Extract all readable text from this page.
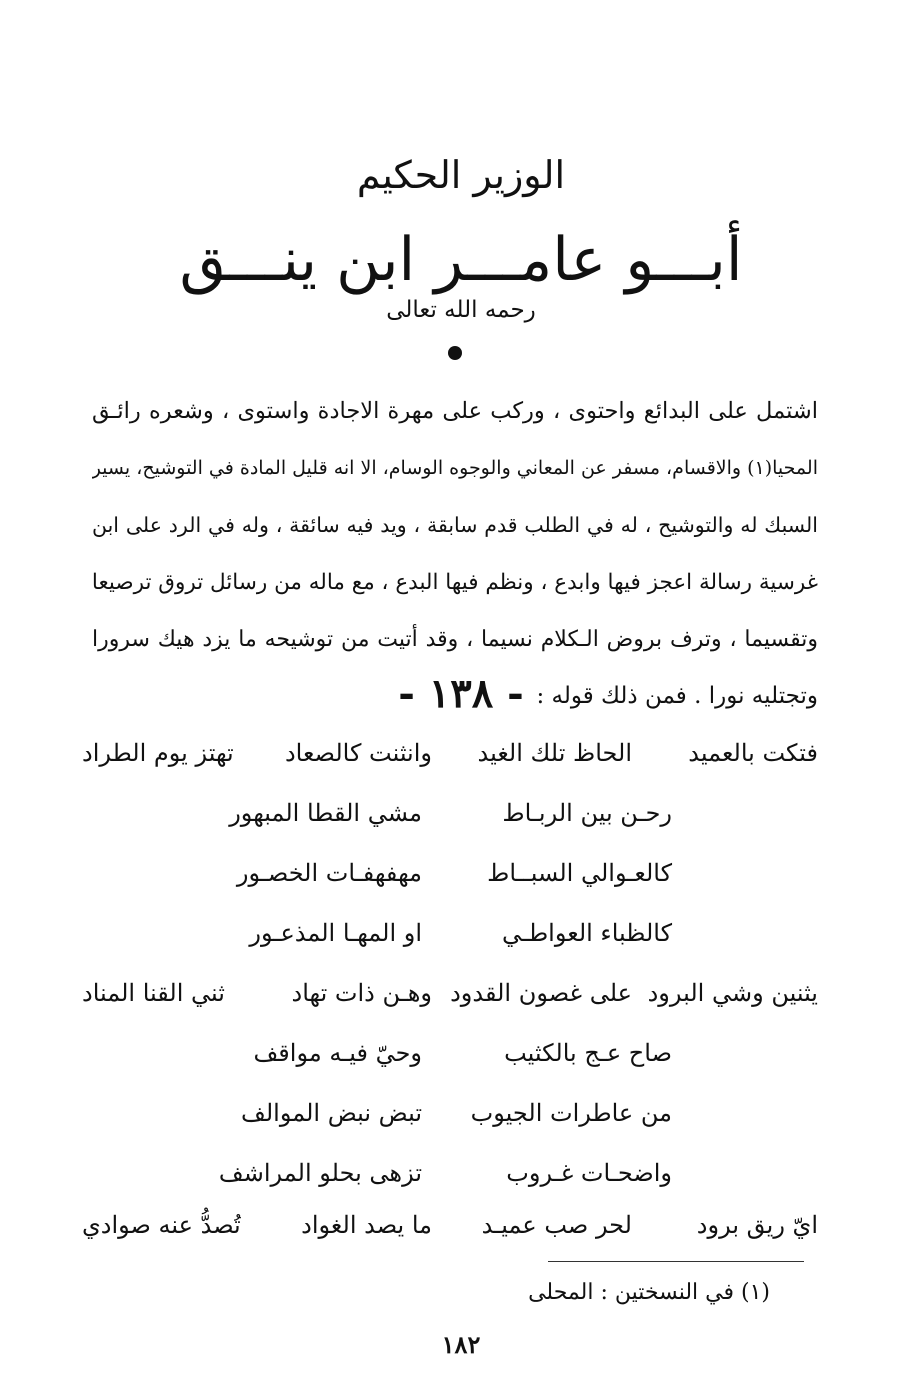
الوزير الحكيم
أبـــو عامـــر ابن ينـــق
رحمه الله تعالى
اشتمل على البدائع واحتوى ، وركب على مهرة الاجادة واستوى ، وشعره رائـق
المحيا(١) والاقسام، مسفر عن المعاني والوجوه الوسام، الا انه قليل المادة في التوشيح، يسير
السبك له والتوشيح ، له في الطلب قدم سابقة ، ويد فيه سائقة ، وله في الرد على ابن
غرسية رسالة اعجز فيها وابدع ، ونظم فيها البدع ، مع ماله من رسائل تروق ترصيعا
وتقسيما ، وترف بروض الـكلام نسيما ، وقد أتيت من توشيحه ما يزد هيك سرورا
وتجتليه نورا . فمن ذلك قوله :
- ١٣٨ -
فتكت بالعميد
الحاظ تلك الغيد
وانثنت كالصعاد
تهتز يوم الطراد
رحـن بين الربـاط
مشي القطا المبهور
كالعـوالي السبــاط
مهفهفـات الخصـور
كالظباء العواطـي
او المهـا المذعـور
يثنين وشي البرود
على غصون القدود
وهـن ذات تهاد
ثني القنا المناد
صاح عـج بالكثيب
وحيّ فيـه مواقف
من عاطرات الجيوب
تبض نبض الموالف
واضحـات غـروب
تزهى بحلو المراشف
ايّ ريق برود
لحر صب عميـد
ما يصد الغواد
تُصدُّ عنه صوادي
(١) في النسختين : المحلى
١٨٢
